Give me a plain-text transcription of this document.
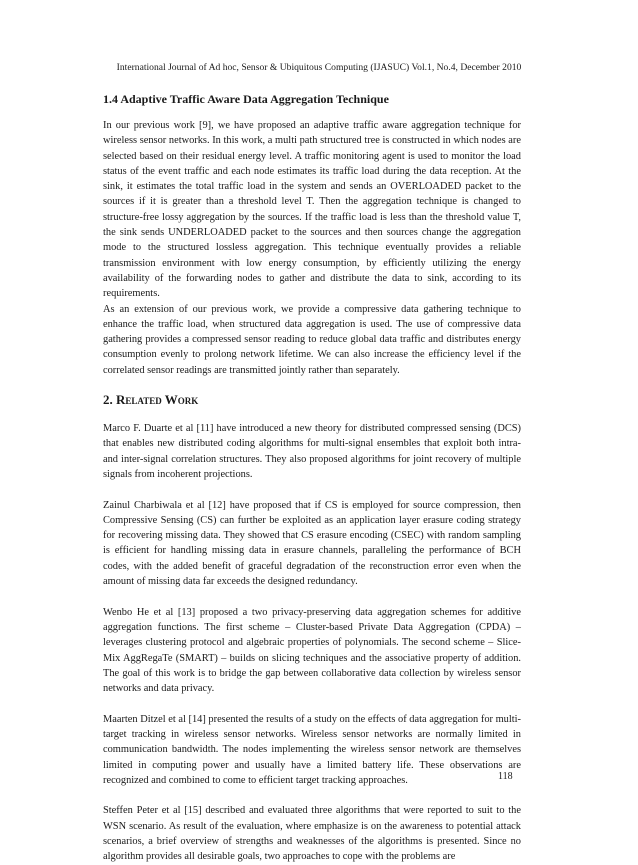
International Journal of Ad hoc, Sensor & Ubiquitous Computing (IJASUC) Vol.1, No.4, December 2010
1.4 Adaptive Traffic Aware Data Aggregation Technique

In our previous work [9], we have proposed an adaptive traffic aware aggregation technique for wireless sensor networks. In this work, a multi path structured tree is constructed in which nodes are selected based on their residual energy level. A traffic monitoring agent is used to monitor the load status of the event traffic and each node estimates its traffic load during the data reception. At the sink, it estimates the total traffic load in the system and sends an OVERLOADED packet to the sources if it is greater than a threshold level T. Then the aggregation technique is changed to structure-free lossy aggregation by the sources. If the traffic load is less than the threshold value T, the sink sends UNDERLOADED packet to the sources and then sources change the aggregation mode to the structured lossless aggregation. This technique eventually provides a reliable transmission environment with low energy consumption, by efficiently utilizing the energy availability of the forwarding nodes to gather and distribute the data to sink, according to its requirements.

As an extension of our previous work, we provide a compressive data gathering technique to enhance the traffic load, when structured data aggregation is used. The use of compressive data gathering provides a compressed sensor reading to reduce global data traffic and distributes energy consumption evenly to prolong network lifetime. We can also increase the efficiency level if the correlated sensor readings are transmitted jointly rather than separately.

2. Related Work

Marco F. Duarte et al [11] have introduced a new theory for distributed compressed sensing (DCS) that enables new distributed coding algorithms for multi-signal ensembles that exploit both intra- and inter-signal correlation structures. They also proposed algorithms for joint recovery of multiple signals from incoherent projections.

Zainul Charbiwala et al [12] have proposed that if CS is employed for source compression, then Compressive Sensing (CS) can further be exploited as an application layer erasure coding strategy for recovering missing data. They showed that CS erasure encoding (CSEC) with random sampling is efficient for handling missing data in erasure channels, paralleling the performance of BCH codes, with the added benefit of graceful degradation of the reconstruction error even when the amount of missing data far exceeds the designed redundancy.

Wenbo He et al [13] proposed a two privacy-preserving data aggregation schemes for additive aggregation functions. The first scheme – Cluster-based Private Data Aggregation (CPDA) – leverages clustering protocol and algebraic properties of polynomials. The second scheme – Slice-Mix AggRegaTe (SMART) – builds on slicing techniques and the associative property of addition. The goal of this work is to bridge the gap between collaborative data collection by wireless sensor networks and data privacy.

Maarten Ditzel et al [14] presented the results of a study on the effects of data aggregation for multi-target tracking in wireless sensor networks. Wireless sensor networks are normally limited in communication bandwidth. The nodes implementing the wireless sensor network are themselves limited in computing power and usually have a limited battery life. These observations are recognized and combined to come to efficient target tracking approaches.

Steffen Peter et al [15] described and evaluated three algorithms that were reported to suit to the WSN scenario. As result of the evaluation, where emphasize is on the awareness to potential attack scenarios, a brief overview of strengths and weaknesses of the algorithms is presented. Since no algorithm provides all desirable goals, two approaches to cope with the problems are

118
